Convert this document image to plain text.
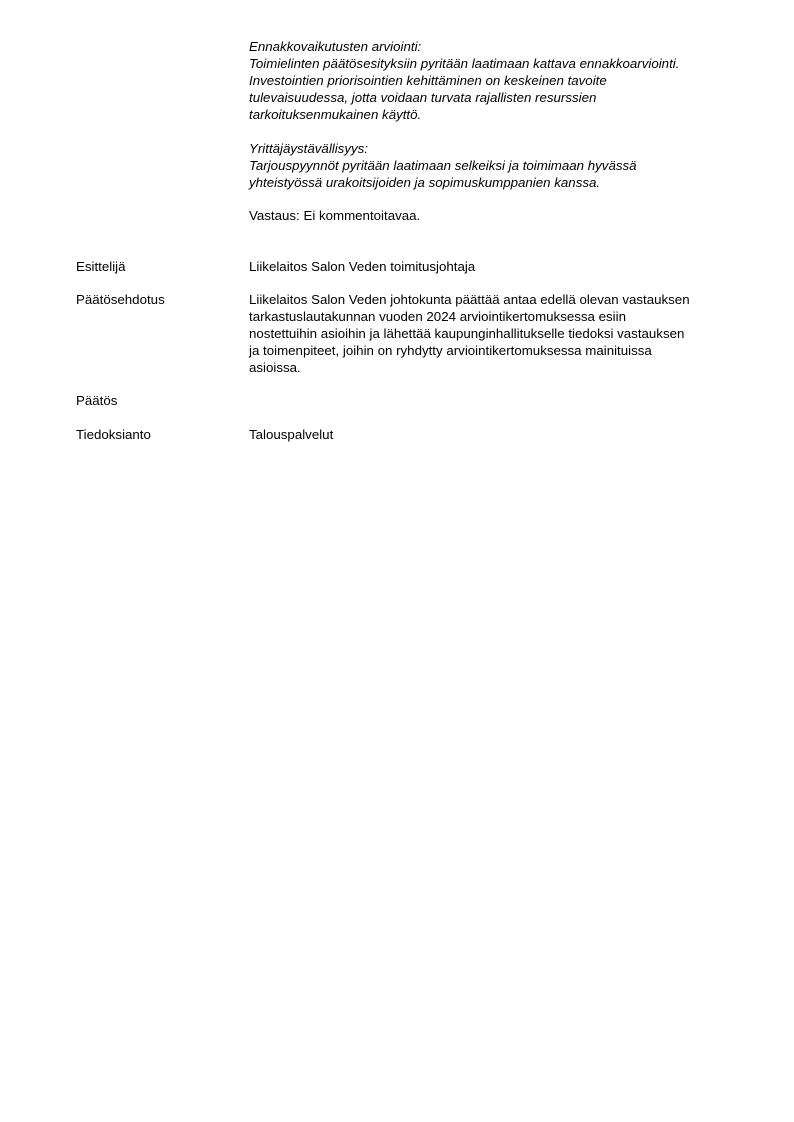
Ennakkovaikutusten arviointi:
Toimielinten päätösesityksiin pyritään laatimaan kattava ennakkoarviointi.
Investointien priorisointien kehittäminen on keskeinen tavoite
tulevaisuudessa, jotta voidaan turvata rajallisten resurssien
tarkoituksenmukainen käyttö.
Yrittäjäystävällisyys:
Tarjouspyynnöt pyritään laatimaan selkeiksi ja toimimaan hyvässä
yhteistyössä urakoitsijoiden ja sopimuskumppanien kanssa.
Vastaus: Ei kommentoitavaa.
Esittelijä	Liikelaitos Salon Veden toimitusjohtaja
Päätösehdotus	Liikelaitos Salon Veden johtokunta päättää antaa edellä olevan vastauksen
tarkastuslautakunnan vuoden 2024 arviointikertomuksessa esiin
nostettuihin asioihin ja lähettää kaupunginhallitukselle tiedoksi vastauksen
ja toimenpiteet, joihin on ryhdytty arviointikertomuksessa mainituissa
asioissa.
Päätös
Tiedoksianto	Talouspalvelut
